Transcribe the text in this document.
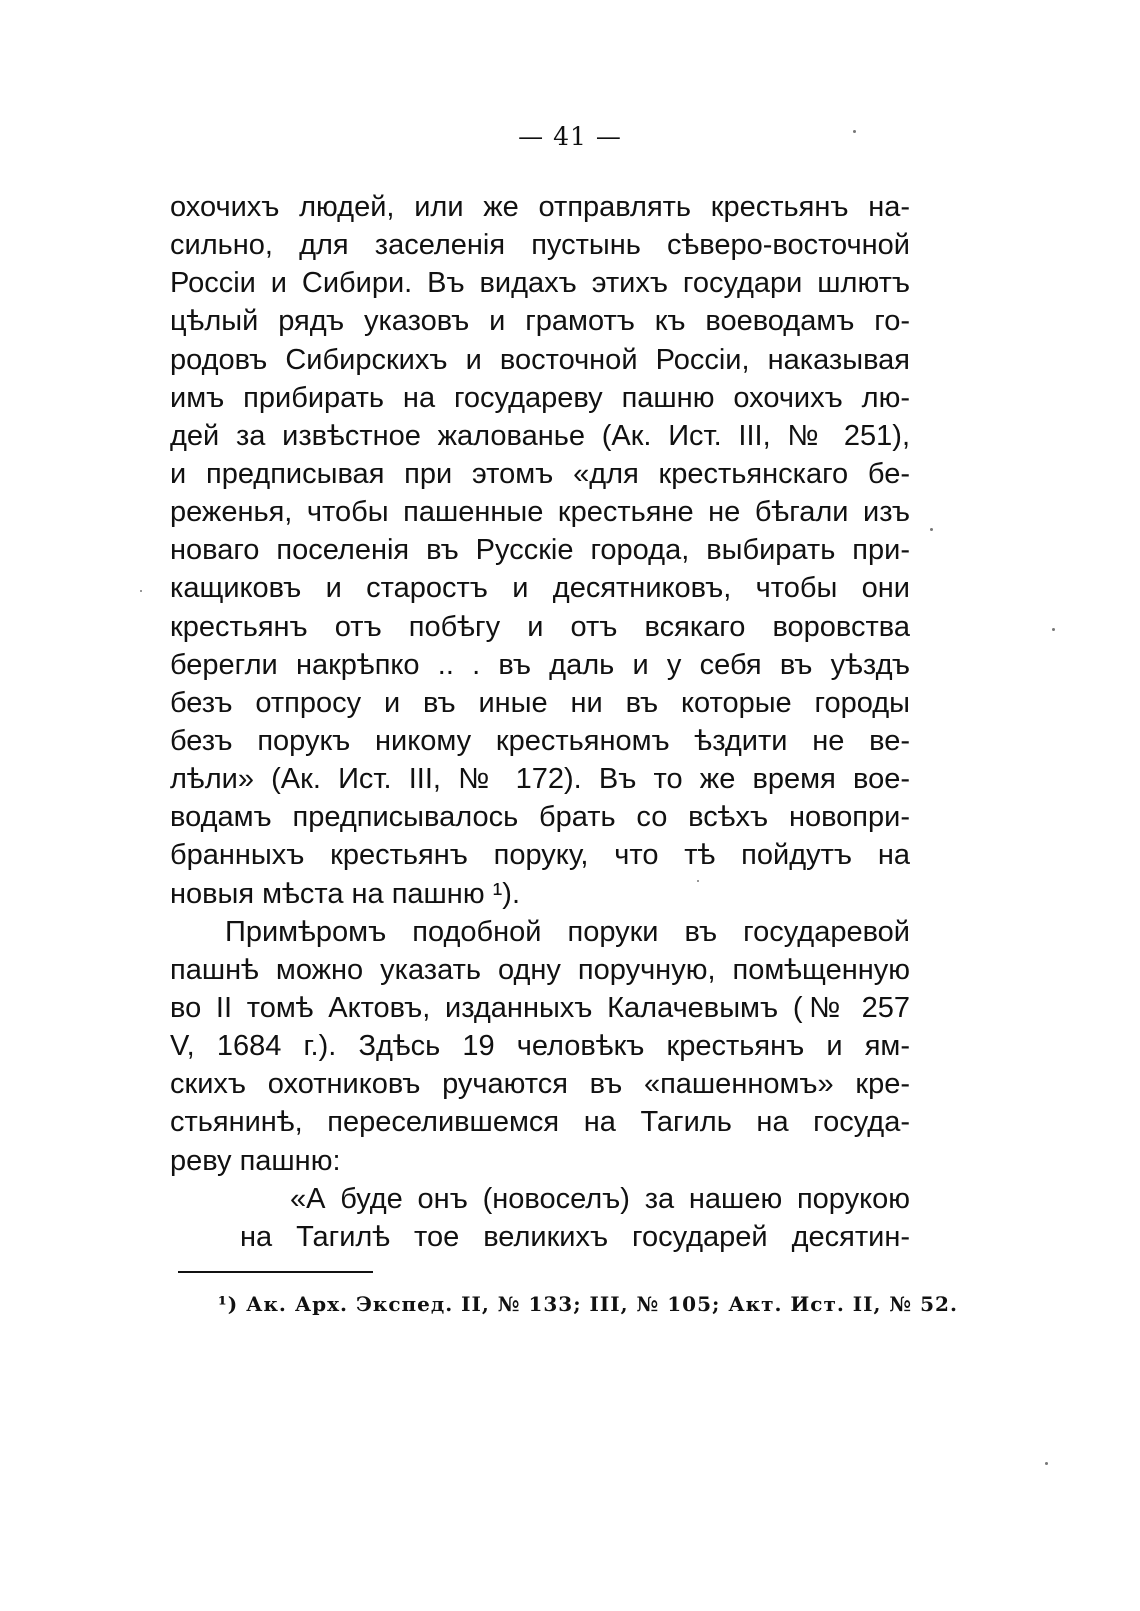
— 41 —
охочихъ людей, или же отправлять крестьянъ на-
сильно, для заселенія пустынь сѣверо-восточной
Россіи и Сибири. Въ видахъ этихъ государи шлютъ
цѣлый рядъ указовъ и грамотъ къ воеводамъ го-
родовъ Сибирскихъ и восточной Россіи, наказывая
имъ прибирать на государеву пашню охочихъ лю-
дей за извѣстное жалованье (Ак. Ист. III, № 251),
и предписывая при этомъ «для крестьянскаго бе-
реженья, чтобы пашенные крестьяне не бѣгали изъ
новаго поселенія въ Русскіе города, выбирать при-
кащиковъ и старостъ и десятниковъ, чтобы они
крестьянъ отъ побѣгу и отъ всякаго воровства
берегли накрѣпко .. . въ даль и у себя въ уѣздъ
безъ отпросу и въ иные ни въ которые городы
безъ порукъ никому крестьяномъ ѣздити не ве-
лѣли» (Ак. Ист. III, № 172). Въ то же время вое-
водамъ предписывалось брать со всѣхъ новопри-
бранныхъ крестьянъ поруку, что тѣ пойдутъ на
новыя мѣста на пашню ¹).
Примѣромъ подобной поруки въ государевой
пашнѣ можно указать одну поручную, помѣщенную
во II томѣ Актовъ, изданныхъ Калачевымъ (№ 257
V, 1684 г.). Здѣсь 19 человѣкъ крестьянъ и ям-
скихъ охотниковъ ручаются въ «пашенномъ» кре-
стьянинѣ, переселившемся на Тагиль на госуда-
реву пашню:
«А буде онъ (новоселъ) за нашею порукою
на Тагилѣ тое великихъ государей десятин-
¹) Ак. Арх. Экспед. II, № 133; III, № 105; Акт. Ист. II, № 52.
